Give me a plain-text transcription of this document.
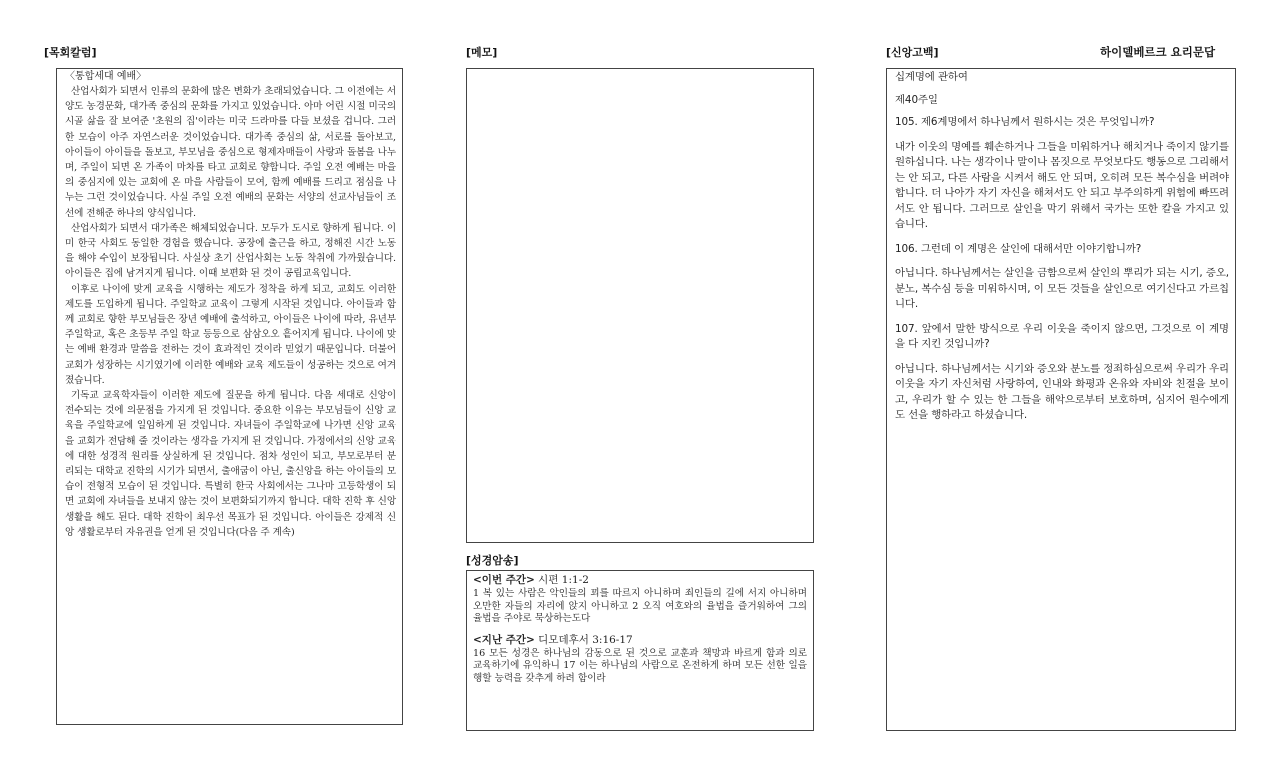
[목회칼럼]
〈통합세대 예배〉

산업사회가 되면서 인류의 문화에 많은 변화가 초래되었습니다. 그 이전에는 서양도 농경문화, 대가족 중심의 문화를 가지고 있었습니다. 아마 어린 시절 미국의 시골 삶을 잘 보여준 '초원의 집'이라는 미국 드라마를 다들 보셨을 겁니다. 그러한 모습이 아주 자연스러운 것이었습니다. 대가족 중심의 삶, 서로를 돌아보고, 아이들이 아이들을 돌보고, 부모님을 중심으로 형제자매들이 사랑과 돌봄을 나누며, 주일이 되면 온 가족이 마차를 타고 교회로 향합니다. 주일 오전 예배는 마을의 중심지에 있는 교회에 온 마을 사람들이 모여, 함께 예배를 드리고 점심을 나누는 그런 것이었습니다. 사실 주일 오전 예배의 문화는 서양의 선교사님들이 조선에 전해준 하나의 양식입니다.

산업사회가 되면서 대가족은 해체되었습니다. 모두가 도시로 향하게 됩니다. 이미 한국 사회도 동일한 경험을 했습니다. 공장에 출근을 하고, 정해진 시간 노동을 해야 수입이 보장됩니다. 사실상 초기 산업사회는 노동 착취에 가까웠습니다. 아이들은 집에 남겨지게 됩니다. 이때 보편화 된 것이 공립교육입니다.

이후로 나이에 맞게 교육을 시행하는 제도가 정착을 하게 되고, 교회도 이러한 제도를 도입하게 됩니다. 주일학교 교육이 그렇게 시작된 것입니다. 아이들과 함께 교회로 향한 부모님들은 장년 예배에 출석하고, 아이들은 나이에 따라, 유년부 주일학교, 혹은 초등부 주일 학교 등등으로 삼삼오오 흩어지게 됩니다. 나이에 맞는 예배 환경과 말씀을 전하는 것이 효과적인 것이라 믿었기 때문입니다. 더불어 교회가 성장하는 시기였기에 이러한 예배와 교육 제도들이 성공하는 것으로 여겨졌습니다.

기독교 교육학자들이 이러한 제도에 질문을 하게 됩니다. 다음 세대로 신앙이 전수되는 것에 의문점을 가지게 된 것입니다. 중요한 이유는 부모님들이 신앙 교육을 주일학교에 일임하게 된 것입니다. 자녀들이 주일학교에 나가면 신앙 교육을 교회가 전담해 줄 것이라는 생각을 가지게 된 것입니다. 가정에서의 신앙 교육에 대한 성경적 원리를 상실하게 된 것입니다. 점차 성인이 되고, 부모로부터 분리되는 대학교 진학의 시기가 되면서, 출애굽이 아닌, 출신앙을 하는 아이들의 모습이 전형적 모습이 된 것입니다. 특별히 한국 사회에서는 그나마 고등학생이 되면 교회에 자녀들을 보내지 않는 것이 보편화되기까지 합니다. 대학 진학 후 신앙 생활을 해도 된다. 대학 진학이 최우선 목표가 된 것입니다. 아이들은 강제적 신앙 생활로부터 자유권을 얻게 된 것입니다(다음 주 계속)

[메모]
[성경암송]
<이번 주간> 시편 1:1-2
1 복 있는 사람은 악인들의 꾀를 따르지 아니하며 죄인들의 길에 서지 아니하며 오만한 자들의 자리에 앉지 아니하고 2 오직 여호와의 율법을 즐거워하여 그의 율법을 주야로 묵상하는도다
<지난 주간> 디모데후서 3:16-17
16 모든 성경은 하나님의 감동으로 된 것으로 교훈과 책망과 바르게 함과 의로 교육하기에 유익하니 17 이는 하나님의 사람으로 온전하게 하며 모든 선한 일을 행할 능력을 갖추게 하려 함이라
[신앙고백]	하이델베르크 요리문답

십계명에 관하여

제40주일

105. 제6계명에서 하나님께서 원하시는 것은 무엇입니까?

내가 이웃의 명예를 훼손하거나 그들을 미워하거나 해치거나 죽이지 않기를 원하십니다. 나는 생각이나 말이나 몸짓으로 무엇보다도 행동으로 그리해서는 안 되고, 다른 사람을 시켜서 해도 안 되며, 오히려 모든 복수심을 버려야 합니다. 더 나아가 자기 자신을 해쳐서도 안 되고 부주의하게 위험에 빠뜨려서도 안 됩니다. 그러므로 살인을 막기 위해서 국가는 또한 칼을 가지고 있습니다.

106. 그런데 이 계명은 살인에 대해서만 이야기합니까?

아닙니다. 하나님께서는 살인을 금함으로써 살인의 뿌리가 되는 시기, 증오, 분노, 복수심 등을 미워하시며, 이 모든 것들을 살인으로 여기신다고 가르칩니다.

107. 앞에서 말한 방식으로 우리 이웃을 죽이지 않으면, 그것으로 이 계명을 다 지킨 것입니까?

아닙니다. 하나님께서는 시기와 증오와 분노를 정죄하심으로써 우리가 우리 이웃을 자기 자신처럼 사랑하여, 인내와 화평과 온유와 자비와 친절을 보이고, 우리가 할 수 있는 한 그들을 해악으로부터 보호하며, 심지어 원수에게도 선을 행하라고 하셨습니다.
